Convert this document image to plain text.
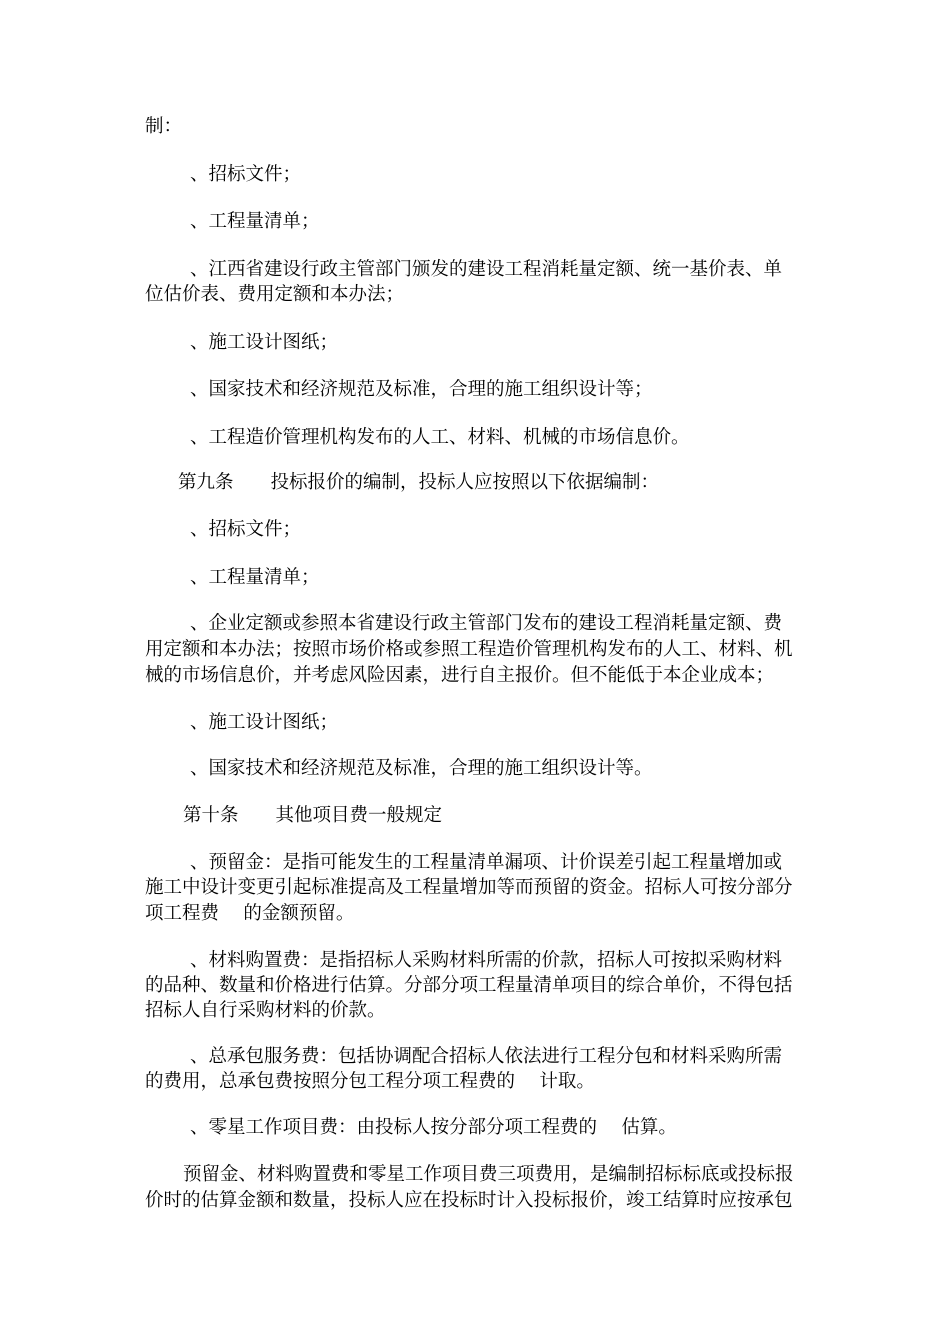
制：
、招标文件；
、工程量清单；
、江西省建设行政主管部门颁发的建设工程消耗量定额、统一基价表、单
位估价表、费用定额和本办法；
、施工设计图纸；
、国家技术和经济规范及标准，合理的施工组织设计等；
、工程造价管理机构发布的人工、材料、机械的市场信息价。
第九条　　投标报价的编制，投标人应按照以下依据编制：
、招标文件；
、工程量清单；
、企业定额或参照本省建设行政主管部门发布的建设工程消耗量定额、费
用定额和本办法；按照市场价格或参照工程造价管理机构发布的人工、材料、机
械的市场信息价，并考虑风险因素，进行自主报价。但不能低于本企业成本；
、施工设计图纸；
、国家技术和经济规范及标准，合理的施工组织设计等。
第十条　　其他项目费一般规定
、预留金：是指可能发生的工程量清单漏项、计价误差引起工程量增加或
施工中设计变更引起标准提高及工程量增加等而预留的资金。招标人可按分部分
项工程费　 的金额预留。
、材料购置费：是指招标人采购材料所需的价款，招标人可按拟采购材料
的品种、数量和价格进行估算。分部分项工程量清单项目的综合单价，不得包括
招标人自行采购材料的价款。
、总承包服务费：包括协调配合招标人依法进行工程分包和材料采购所需
的费用，总承包费按照分包工程分项工程费的　 计取。
、零星工作项目费：由投标人按分部分项工程费的　 估算。
预留金、材料购置费和零星工作项目费三项费用，是编制招标标底或投标报
价时的估算金额和数量，投标人应在投标时计入投标报价，竣工结算时应按承包
